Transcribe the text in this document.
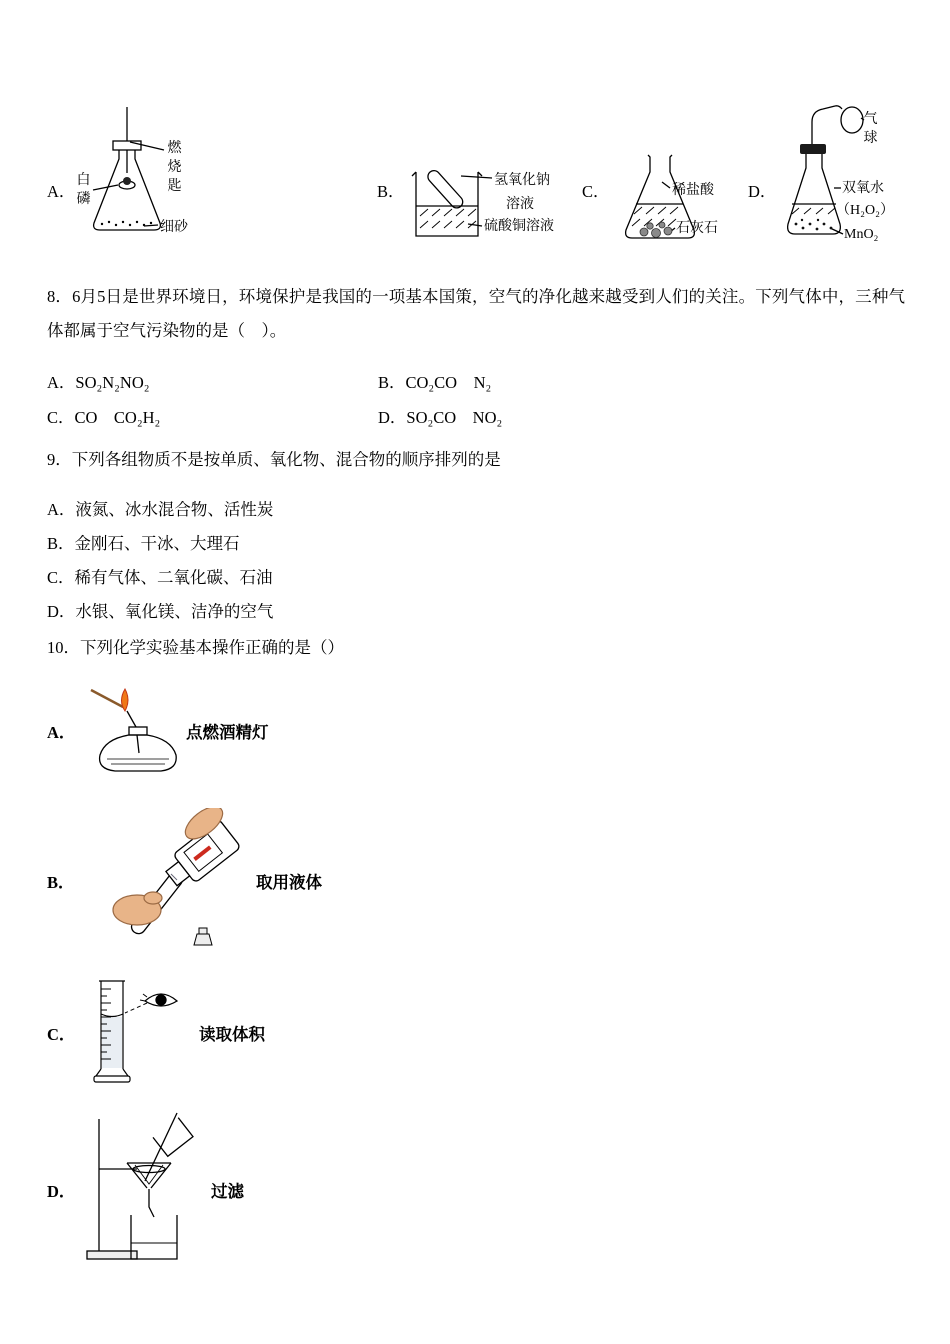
A．
白磷
燃烧匙
细砂
B．
氢氧化钠
溶液
硫酸铜溶液
C．	稀盐酸
石灰石
D．
气球
双氧水
（H₂O₂）
MnO₂

8．6月5日是世界环境日，环境保护是我国的一项基本国策，空气的净化越来越受到人们的关注。下列气体中，三种气体都属于空气污染物的是（　）。

A．SO₂N₂NO₂	B．CO₂CO　N₂
C．CO　CO₂H₂	D．SO₂CO　NO₂

9．下列各组物质不是按单质、氧化物、混合物的顺序排列的是

A．液氮、冰水混合物、活性炭
B．金刚石、干冰、大理石
C．稀有气体、二氧化碳、石油
D．水银、氧化镁、洁净的空气

10．下列化学实验基本操作正确的是（）

A．	点燃酒精灯
B．	取用液体
C．	读取体积
D．	过滤
